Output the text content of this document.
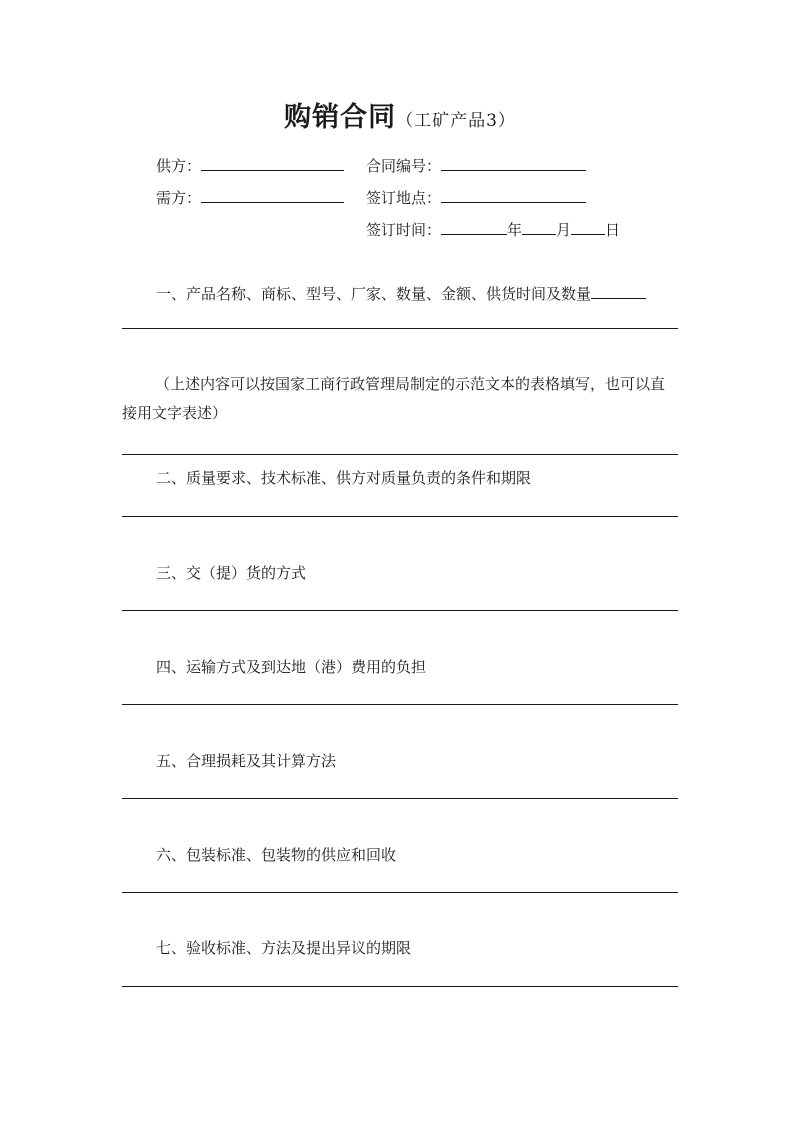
购销合同（工矿产品3）
供方：	合同编号：
需方：	签订地点：
签订时间：	年 月 日
一、产品名称、商标、型号、厂家、数量、金额、供货时间及数量
（上述内容可以按国家工商行政管理局制定的示范文本的表格填写，也可以直 接用文字表述）
二、质量要求、技术标准、供方对质量负责的条件和期限
三、交（提）货的方式
四、运输方式及到达地（港）费用的负担
五、合理损耗及其计算方法
六、包装标准、包装物的供应和回收
七、验收标准、方法及提出异议的期限
